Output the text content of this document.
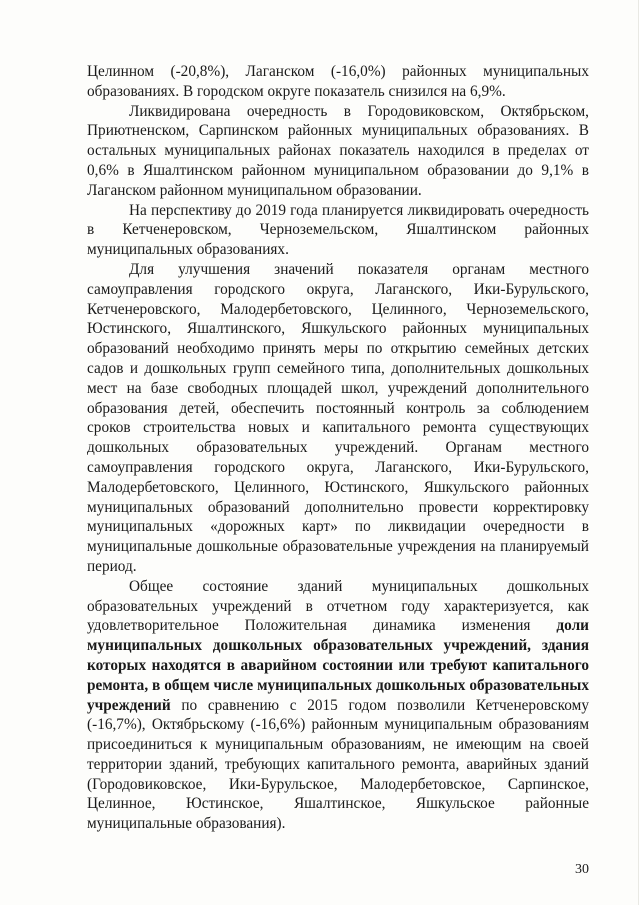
Целинном (-20,8%), Лаганском (-16,0%) районных муниципальных образованиях. В городском округе показатель снизился на 6,9%.

Ликвидирована очередность в Городовиковском, Октябрьском, Приютненском, Сарпинском районных муниципальных образованиях. В остальных муниципальных районах показатель находился в пределах от 0,6% в Яшалтинском районном муниципальном образовании до 9,1% в Лаганском районном муниципальном образовании.

На перспективу до 2019 года планируется ликвидировать очередность в Кетченеровском, Черноземельском, Яшалтинском районных муниципальных образованиях.

Для улучшения значений показателя органам местного самоуправления городского округа, Лаганского, Ики-Бурульского, Кетченеровского, Малодербетовского, Целинного, Черноземельского, Юстинского, Яшалтинского, Яшкульского районных муниципальных образований необходимо принять меры по открытию семейных детских садов и дошкольных групп семейного типа, дополнительных дошкольных мест на базе свободных площадей школ, учреждений дополнительного образования детей, обеспечить постоянный контроль за соблюдением сроков строительства новых и капитального ремонта существующих дошкольных образовательных учреждений. Органам местного самоуправления городского округа, Лаганского, Ики-Бурульского, Малодербетовского, Целинного, Юстинского, Яшкульского районных муниципальных образований дополнительно провести корректировку муниципальных «дорожных карт» по ликвидации очередности в муниципальные дошкольные образовательные учреждения на планируемый период.

Общее состояние зданий муниципальных дошкольных образовательных учреждений в отчетном году характеризуется, как удовлетворительное Положительная динамика изменения доли муниципальных дошкольных образовательных учреждений, здания которых находятся в аварийном состоянии или требуют капитального ремонта, в общем числе муниципальных дошкольных образовательных учреждений по сравнению с 2015 годом позволили Кетченеровскому (-16,7%), Октябрьскому (-16,6%) районным муниципальным образованиям присоединиться к муниципальным образованиям, не имеющим на своей территории зданий, требующих капитального ремонта, аварийных зданий (Городовиковское, Ики-Бурульское, Малодербетовское, Сарпинское, Целинное, Юстинское, Яшалтинское, Яшкульское районные муниципальные образования).

30
